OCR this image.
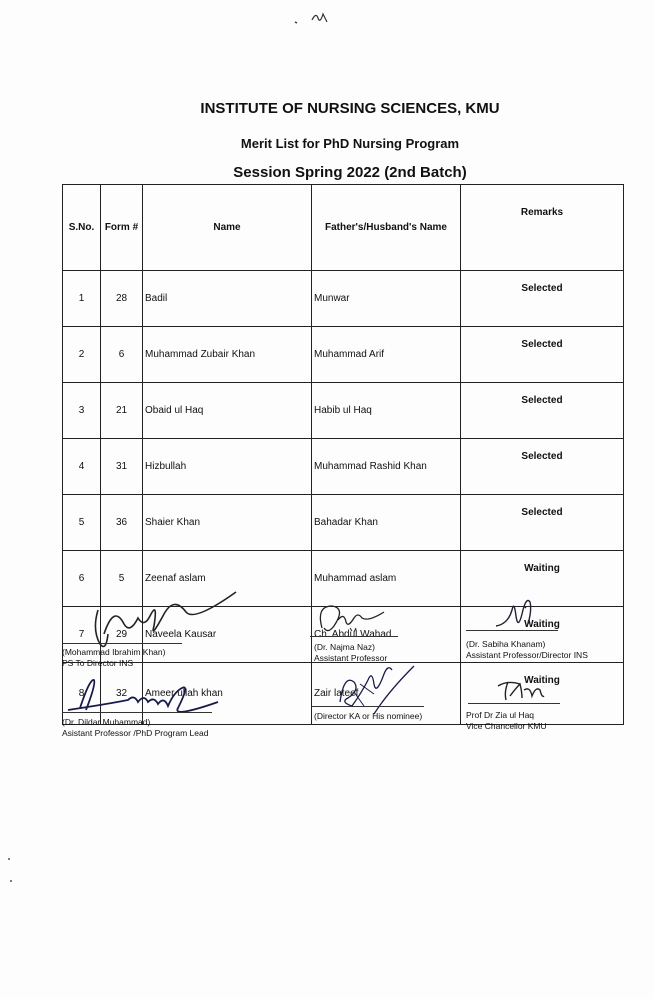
INSTITUTE OF NURSING SCIENCES, KMU
Merit List for PhD Nursing Program
Session Spring 2022 (2nd Batch)
S.No.	Form #	Name	Father's/Husband's Name	Remarks
1	28	Badil	Munwar	Selected
2	6	Muhammad Zubair Khan	Muhammad Arif	Selected
3	21	Obaid ul Haq	Habib ul Haq	Selected
4	31	Hizbullah	Muhammad Rashid Khan	Selected
5	36	Shaier Khan	Bahadar Khan	Selected
6	5	Zeenaf aslam	Muhammad aslam	Waiting
7	29	Naveela Kausar	Ch. Abdul Wahad	Waiting
8	32	Ameer ullah khan	Zair lateef	Waiting
(Mohammad Ibrahim Khan)
PS To Director INS
(Dr. Najma Naz)
Assistant Professor
(Dr. Sabiha Khanam)
Assistant Professor/Director INS
(Dr. Dildar Muhammad)
Asistant Professor /PhD Program Lead
(Director KA or His nominee)	Prof Dr Zia ul Haq
Vice Chancellor KMU
